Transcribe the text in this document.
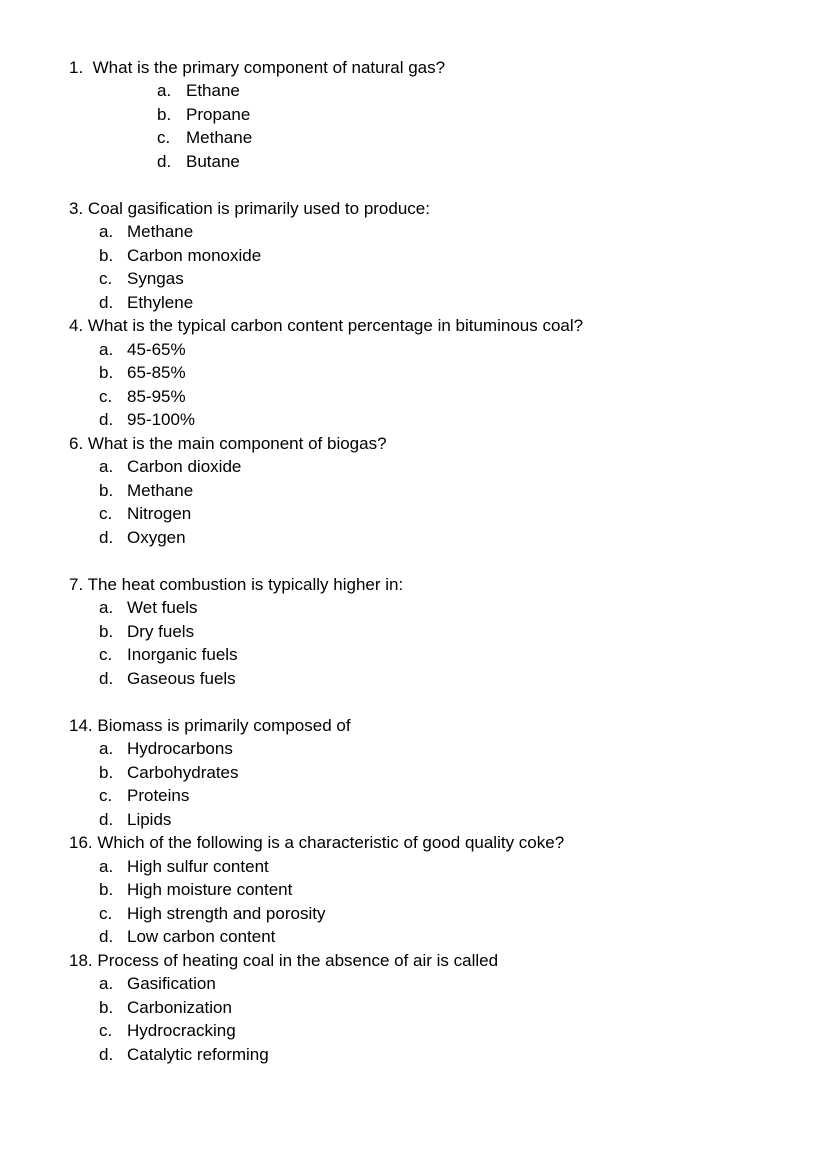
1. What is the primary component of natural gas?
a. Ethane
b. Propane
c. Methane
d. Butane
3. Coal gasification is primarily used to produce:
a. Methane
b. Carbon monoxide
c. Syngas
d. Ethylene
4. What is the typical carbon content percentage in bituminous coal?
a. 45-65%
b. 65-85%
c. 85-95%
d. 95-100%
6. What is the main component of biogas?
a. Carbon dioxide
b. Methane
c. Nitrogen
d. Oxygen
7. The heat combustion is typically higher in:
a. Wet fuels
b. Dry fuels
c. Inorganic fuels
d. Gaseous fuels
14. Biomass is primarily composed of
a. Hydrocarbons
b. Carbohydrates
c. Proteins
d. Lipids
16. Which of the following is a characteristic of good quality coke?
a. High sulfur content
b. High moisture content
c. High strength and porosity
d. Low carbon content
18. Process of heating coal in the absence of air is called
a. Gasification
b. Carbonization
c. Hydrocracking
d. Catalytic reforming
